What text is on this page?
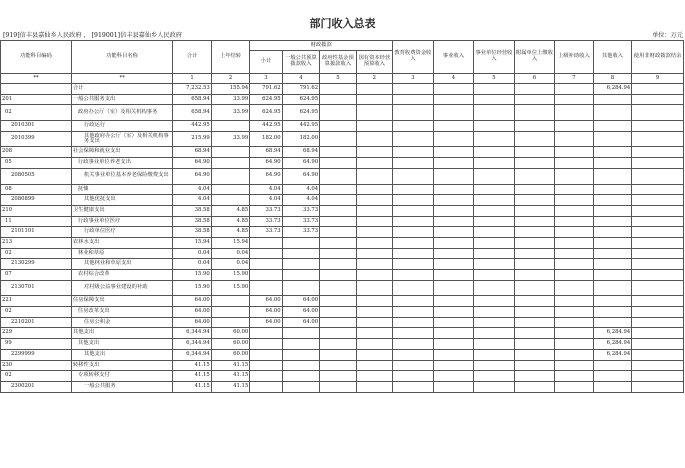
部门收入总表
[919]信丰县嘉仙乡人民政府 ， [919001]信丰县嘉仙乡人民政府	单位：万元
功能科目编码	功能科目名称	合计	上年结转	财政拨款				教育收费资金收入	事业收入	事业单位经营收入	附属单位上缴收入	上级补助收入	其他收入	使用非财政拨款结余
				小计	一般公共预算拨款收入	政府性基金预算拨款收入	国有资本经营预算收入							
**	**	1	2	3	4	5	2	3	4	5	6	7	8	9
	合计	7,232.53	155.94	791.62	791.62								6,284.94	
201	一般公共服务支出	658.94	33.99	624.95	624.95									
02	政府办公厅（室）及相关机构事务	658.94	33.99	624.95	624.95									
2010301	行政运行	442.95		442.95	442.95									
2010399	其他政府办公厅（室）及相关机构事务支出	215.99	33.99	182.00	182.00									
208	社会保障和就业支出	68.94		68.94	68.94									
05	行政事业单位养老支出	64.90		64.90	64.90									
2080505	机关事业单位基本养老保险缴费支出	64.90		64.90	64.90									
08	抚恤	4.04		4.04	4.04									
2080899	其他优抚支出	4.04		4.04	4.04									
210	卫生健康支出	38.58	4.85	33.73	33.73									
11	行政事业单位医疗	38.58	4.85	33.73	33.73									
2101101	行政单位医疗	38.58	4.85	33.73	33.73									
213	农林水支出	15.94	15.94											
02	林业和草原	0.04	0.04											
2130299	其他林业和草原支出	0.04	0.04											
07	农村综合改革	15.90	15.90											
2130701	对村级公益事业建设的补助	15.90	15.90											
221	住房保障支出	64.00		64.00	64.00									
02	住房改革支出	64.00		64.00	64.00									
2210201	住房公积金	64.00		64.00	64.00									
229	其他支出	6,344.94	60.00										6,284.94	
99	其他支出	6,344.94	60.00										6,284.94	
2299999	其他支出	6,344.94	60.00										6,284.94	
230	转移性支出	41.15	41.15											
02	专项转移支付	41.15	41.15											
2300201	一般公共服务	41.15	41.15											
